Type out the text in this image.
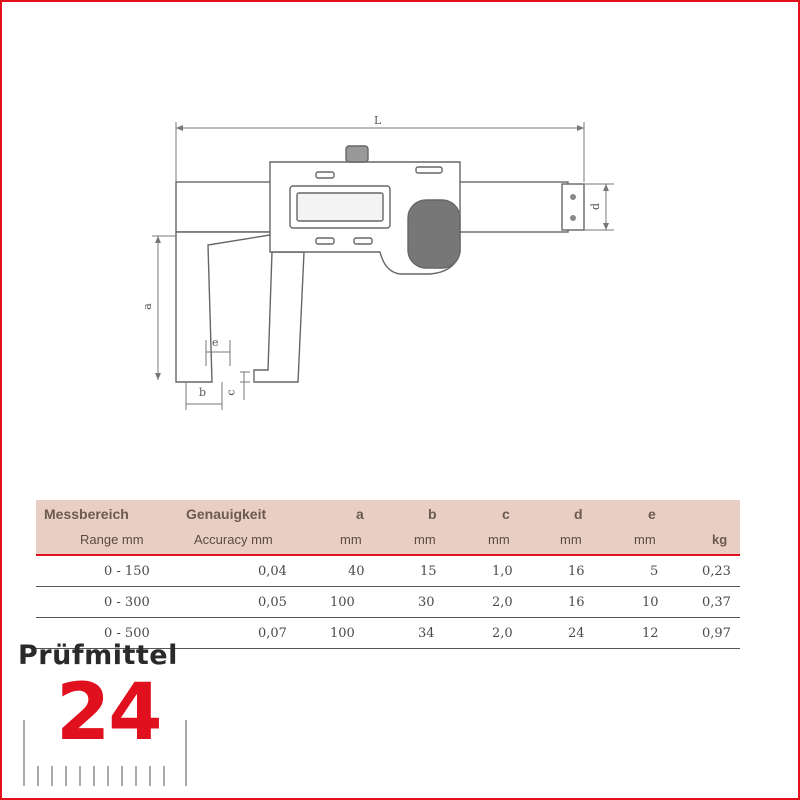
L
d
a
e
b c
Messbereich	Genauigkeit	a	b	c	d	e
Range mm	Accuracy mm	mm	mm	mm	mm	mm	kg
0 - 150	0,04	40	15	1,0	16	5	0,23
0 - 300	0,05	100	30	2,0	16	10	0,37
0 - 500	0,07	100	34	2,0	24	12	0,97
Prüfmittel
24
